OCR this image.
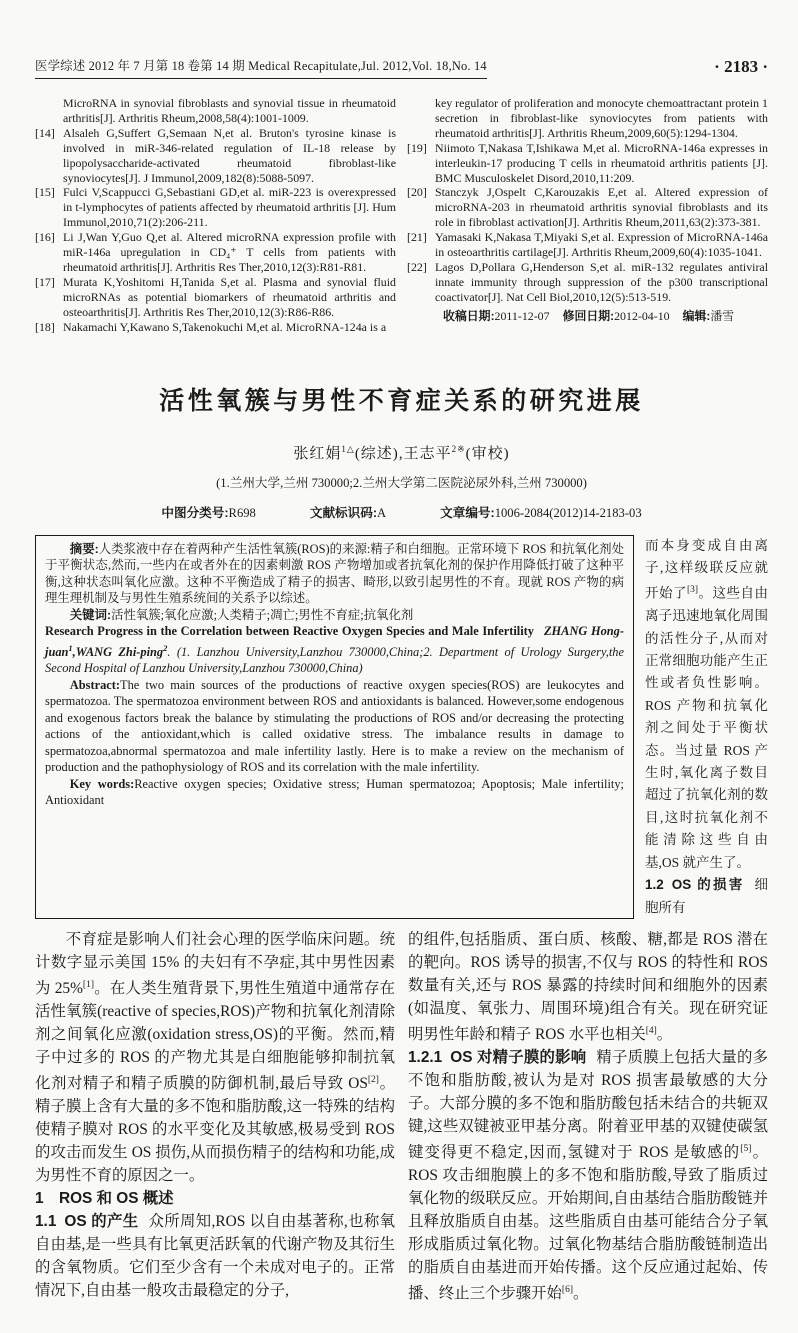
医学综述 2012 年 7 月第 18 卷第 14 期 Medical Recapitulate,Jul. 2012,Vol. 18,No. 14	· 2183 ·
MicroRNA in synovial fibroblasts and synovial tissue in rheumatoid arthritis[J]. Arthritis Rheum,2008,58(4):1001-1009.
[14] Alsaleh G,Suffert G,Semaan N,et al. Bruton's tyrosine kinase is involved in miR-346-related regulation of IL-18 release by lipopolysaccharide-activated rheumatoid fibroblast-like synoviocytes[J]. J Immunol,2009,182(8):5088-5097.
[15] Fulci V,Scappucci G,Sebastiani GD,et al. miR-223 is overexpressed in t-lymphocytes of patients affected by rheumatoid arthritis [J]. Hum Immunol,2010,71(2):206-211.
[16] Li J,Wan Y,Guo Q,et al. Altered microRNA expression profile with miR-146a upregulation in CD₄⁺ T cells from patients with rheumatoid arthritis[J]. Arthritis Res Ther,2010,12(3):R81-R81.
[17] Murata K,Yoshitomi H,Tanida S,et al. Plasma and synovial fluid microRNAs as potential biomarkers of rheumatoid arthritis and osteoarthritis[J]. Arthritis Res Ther,2010,12(3):R86-R86.
[18] Nakamachi Y,Kawano S,Takenokuchi M,et al. MicroRNA-124a is a
key regulator of proliferation and monocyte chemoattractant protein 1 secretion in fibroblast-like synoviocytes from patients with rheumatoid arthritis[J]. Arthritis Rheum,2009,60(5):1294-1304.
[19] Niimoto T,Nakasa T,Ishikawa M,et al. MicroRNA-146a expresses in interleukin-17 producing T cells in rheumatoid arthritis patients [J]. BMC Musculoskelet Disord,2010,11:209.
[20] Stanczyk J,Ospelt C,Karouzakis E,et al. Altered expression of microRNA-203 in rheumatoid arthritis synovial fibroblasts and its role in fibroblast activation[J]. Arthritis Rheum,2011,63(2):373-381.
[21] Yamasaki K,Nakasa T,Miyaki S,et al. Expression of MicroRNA-146a in osteoarthritis cartilage[J]. Arthritis Rheum,2009,60(4):1035-1041.
[22] Lagos D,Pollara G,Henderson S,et al. miR-132 regulates antiviral innate immunity through suppression of the p300 transcriptional coactivator[J]. Nat Cell Biol,2010,12(5):513-519.
收稿日期:2011-12-07 修回日期:2012-04-10 编辑:潘雪
活性氧簇与男性不育症关系的研究进展
张红娟$^{1\triangle}$(综述),王志平$^{2※}$(审校)
(1.兰州大学,兰州 730000;2.兰州大学第二医院泌尿外科,兰州 730000)
中图分类号:R698	文献标识码:A	文章编号:1006-2084(2012)14-2183-03

摘要:人类浆液中存在着两种产生活性氧簇(ROS)的来源:精子和白细胞。正常环境下 ROS 和抗氧化剂处于平衡状态,然而,一些内在或者外在的因素刺激 ROS 产物增加或者抗氧化剂的保护作用降低打破了这种平衡,这种状态叫氧化应激。这种不平衡造成了精子的损害、畸形,以致引起男性的不育。现就 ROS 产物的病理生理机制及与男性生殖系统间的关系予以综述。

关键词:活性氧簇;氧化应激;人类精子;凋亡;男性不育症;抗氧化剂

Research Progress in the Correlation between Reactive Oxygen Species and Male Infertility ZHANG Hong-juan$^1$,WANG Zhi-ping$^2$. (1. Lanzhou University,Lanzhou 730000,China;2. Department of Urology Surgery,the Second Hospital of Lanzhou University,Lanzhou 730000,China)

Abstract:The two main sources of the productions of reactive oxygen species(ROS) are leukocytes and spermatozoa. The spermatozoa environment between ROS and antioxidants is balanced. However,some endogenous and exogenous factors break the balance by stimulating the productions of ROS and/or decreasing the protecting actions of the antioxidant,which is called oxidative stress. The imbalance results in damage to spermatozoa,abnormal spermatozoa and male infertility lastly. Here is to make a review on the mechanism of production and the pathophysiology of ROS and its correlation with the male infertility.

Key words:Reactive oxygen species; Oxidative stress; Human spermatozoa; Apoptosis; Male infertility; Antioxidant

而本身变成自由离子,这样级联反应就开始了[3]。这些自由离子迅速地氧化周围的活性分子,从而对正常细胞功能产生正性或者负性影响。ROS 产物和抗氧化剂之间处于平衡状态。当过量 ROS 产生时,氧化离子数目超过了抗氧化剂的数目,这时抗氧化剂不能清除这些自由基,OS 就产生了。

1.2 OS 的损害 细胞所有

不育症是影响人们社会心理的医学临床问题。统计数字显示美国 15% 的夫妇有不孕症,其中男性因素为 25%[1]。在人类生殖背景下,男性生殖道中通常存在活性氧簇(reactive of species,ROS)产物和抗氧化剂清除剂之间氧化应激(oxidation stress,OS)的平衡。然而,精子中过多的 ROS 的产物尤其是白细胞能够抑制抗氧化剂对精子和精子质膜的防御机制,最后导致 OS[2]。精子膜上含有大量的多不饱和脂肪酸,这一特殊的结构使精子膜对 ROS 的水平变化及其敏感,极易受到 ROS 的攻击而发生 OS 损伤,从而损伤精子的结构和功能,成为男性不育的原因之一。

1　ROS 和 OS 概述

1.1 OS 的产生 众所周知,ROS 以自由基著称,也称氧自由基,是一些具有比氧更活跃氧的代谢产物及其衍生的含氧物质。它们至少含有一个未成对电子的。正常情况下,自由基一般攻击最稳定的分子,

的组件,包括脂质、蛋白质、核酸、糖,都是 ROS 潜在的靶向。ROS 诱导的损害,不仅与 ROS 的特性和 ROS 数量有关,还与 ROS 暴露的持续时间和细胞外的因素(如温度、氧张力、周围环境)组合有关。现在研究证明男性年龄和精子 ROS 水平也相关[4]。

1.2.1 OS 对精子膜的影响 精子质膜上包括大量的多不饱和脂肪酸,被认为是对 ROS 损害最敏感的大分子。大部分膜的多不饱和脂肪酸包括未结合的共轭双键,这些双键被亚甲基分离。附着亚甲基的双键使碳氢键变得更不稳定,因而,氢键对于 ROS 是敏感的[5]。ROS 攻击细胞膜上的多不饱和脂肪酸,导致了脂质过氧化物的级联反应。开始期间,自由基结合脂肪酸链并且释放脂质自由基。这些脂质自由基可能结合分子氧形成脂质过氧化物。过氧化物基结合脂肪酸链制造出的脂质自由基进而开始传播。这个反应通过起始、传播、终止三个步骤开始[6]。
